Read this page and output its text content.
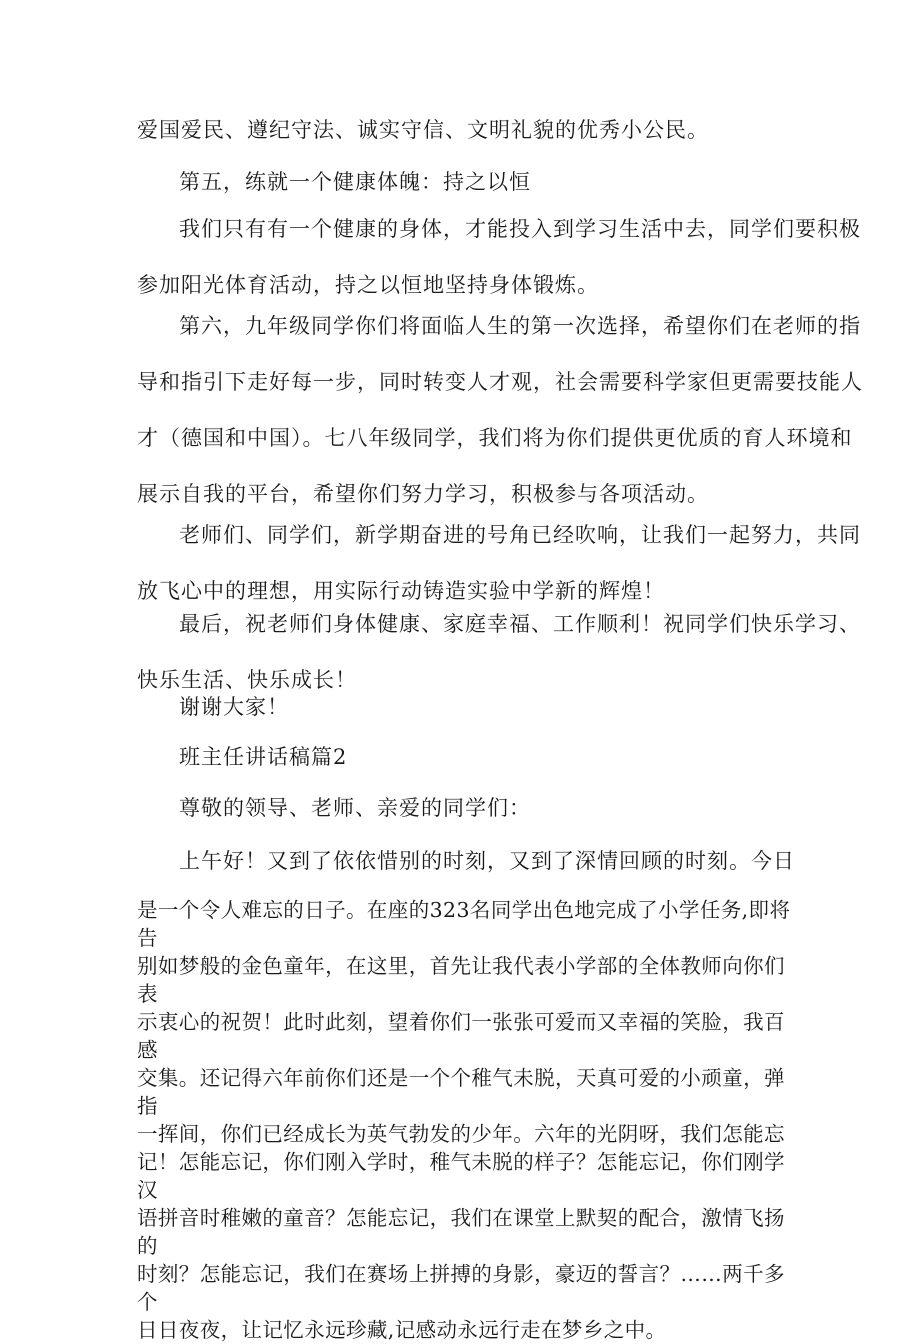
爱国爱民、遵纪守法、诚实守信、文明礼貌的优秀小公民。

第五，练就一个健康体魄：持之以恒

我们只有有一个健康的身体，才能投入到学习生活中去，同学们要积极
参加阳光体育活动，持之以恒地坚持身体锻炼。

第六，九年级同学你们将面临人生的第一次选择，希望你们在老师的指
导和指引下走好每一步，同时转变人才观，社会需要科学家但更需要技能人
才（德国和中国）。七八年级同学，我们将为你们提供更优质的育人环境和
展示自我的平台，希望你们努力学习，积极参与各项活动。

老师们、同学们，新学期奋进的号角已经吹响，让我们一起努力，共同
放飞心中的理想，用实际行动铸造实验中学新的辉煌！

最后，祝老师们身体健康、家庭幸福、工作顺利！祝同学们快乐学习、
快乐生活、快乐成长！

谢谢大家！

班主任讲话稿篇2

尊敬的领导、老师、亲爱的同学们：

上午好！又到了依依惜别的时刻，又到了深情回顾的时刻。今日

是一个令人难忘的日子。在座的323名同学出色地完成了小学任务,即将告
别如梦般的金色童年，在这里，首先让我代表小学部的全体教师向你们表
示衷心的祝贺！此时此刻，望着你们一张张可爱而又幸福的笑脸，我百感
交集。还记得六年前你们还是一个个稚气未脱，天真可爱的小顽童，弹指
一挥间，你们已经成长为英气勃发的少年。六年的光阴呀，我们怎能忘
记！怎能忘记，你们刚入学时，稚气未脱的样子？怎能忘记，你们刚学汉
语拼音时稚嫩的童音？怎能忘记，我们在课堂上默契的配合，激情飞扬的
时刻？怎能忘记，我们在赛场上拼搏的身影，豪迈的誓言？……两千多个
日日夜夜，让记忆永远珍藏,记感动永远行走在梦乡之中。
